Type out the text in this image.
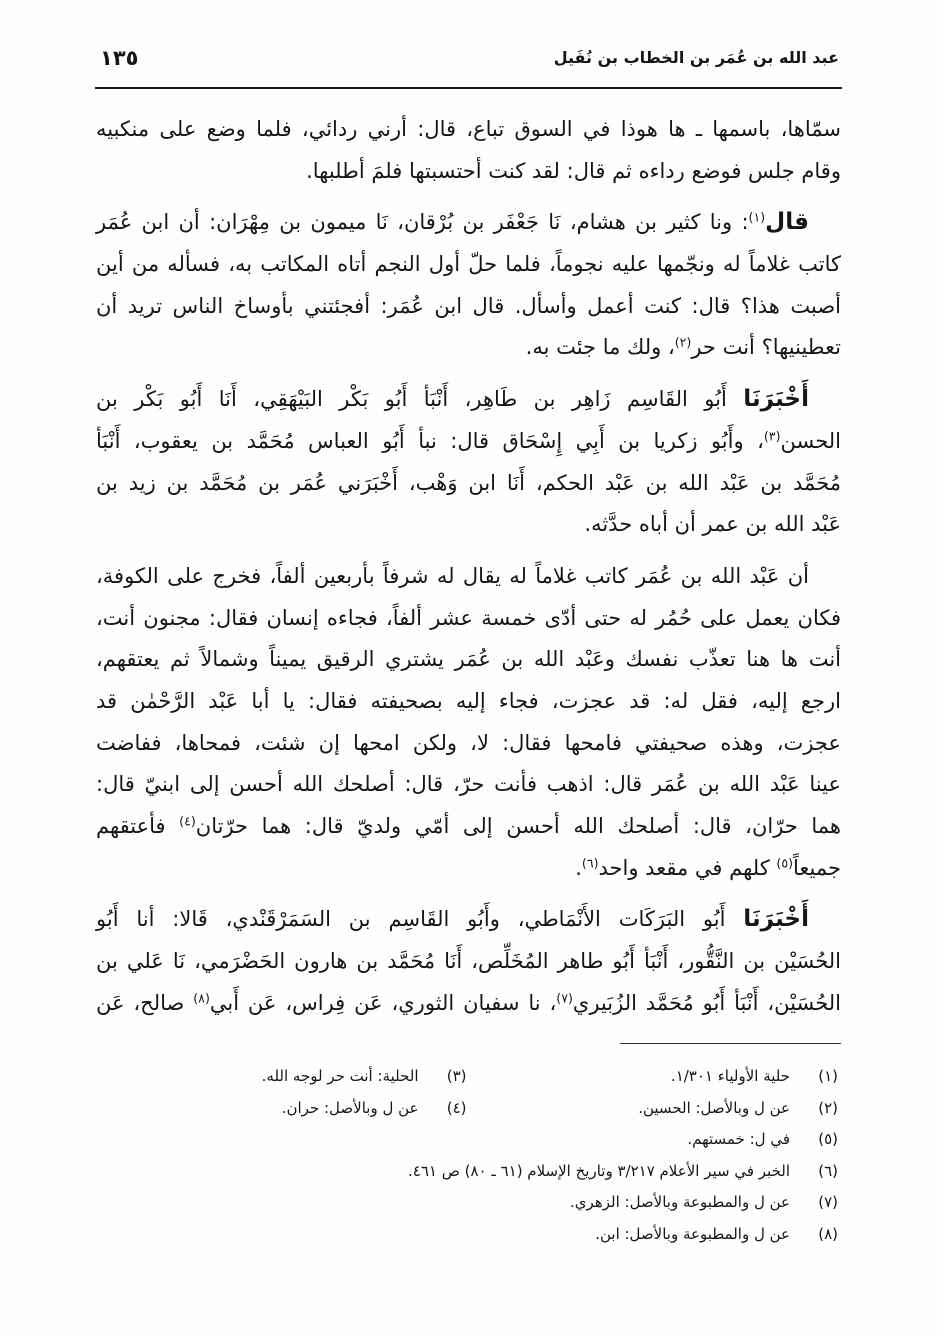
عبد الله بن عُمَر بن الخطاب بن نُفَيل
١٣٥
سمّاها، باسمها ـ ها هوذا في السوق تباع، قال: أرني ردائي، فلما وضع على منكبيه
وقام جلس فوضع رداءه ثم قال: لقد كنت أحتسبتها فلمَ أطلبها.
قال$^{(١)}$: ونا كثير بن هشام، نَا جَعْفَر بن بُرْقان، نَا ميمون بن مِهْرَان: أن ابن عُمَر
كاتب غلاماً له ونجّمها عليه نجوماً، فلما حلّ أول النجم أتاه المكاتب به، فسأله من أين
أصبت هذا؟ قال: كنت أعمل وأسأل. قال ابن عُمَر: أفجئتني بأوساخ الناس تريد أن
تعطينيها؟ أنت حر$^{(٢)}$، ولك ما جئت به.
أَخْبَرَنَا أَبُو القَاسِم زَاهِر بن طَاهِر، أَنْبَأ أَبُو بَكْر البَيْهَقِي، أَنَا أَبُو بَكْر بن
الحسن$^{(٣)}$، وأَبُو زكريا بن أَبِي إِسْحَاق قال: نبأ أَبُو العباس مُحَمَّد بن يعقوب، أَنْبَأ
مُحَمَّد بن عَبْد الله بن عَبْد الحكم، أَنَا ابن وَهْب، أَخْبَرَني عُمَر بن مُحَمَّد بن زيد بن
عَبْد الله بن عمر أن أباه حدَّثه.
أن عَبْد الله بن عُمَر كاتب غلاماً له يقال له شرفاً بأربعين ألفاً، فخرج على الكوفة،
فكان يعمل على حُمُر له حتى أدّى خمسة عشر ألفاً، فجاءه إنسان فقال: مجنون أنت،
أنت ها هنا تعذّب نفسك وعَبْد الله بن عُمَر يشتري الرقيق يميناً وشمالاً ثم يعتقهم،
ارجع إليه، فقل له: قد عجزت، فجاء إليه بصحيفته فقال: يا أبا عَبْد الرَّحْمٰن قد
عجزت، وهذه صحيفتي فامحها فقال: لا، ولكن امحها إن شئت، فمحاها، ففاضت
عينا عَبْد الله بن عُمَر قال: اذهب فأنت حرّ، قال: أصلحك الله أحسن إلى ابنيّ قال:
هما حرّان، قال: أصلحك الله أحسن إلى أمّي ولديّ قال: هما حرّتان$^{(٤)}$ فأعتقهم
جميعاً$^{(٥)}$ كلهم في مقعد واحد$^{(٦)}$.
أَخْبَرَنَا أَبُو البَرَكَات الأَنْمَاطي، وأَبُو القَاسِم بن السَمَرْقَنْدي، قَالا: أنا أَبُو
الحُسَيْن بن النَّقُّور، أَنْبَأ أَبُو طاهر المُخَلِّص، أَنَا مُحَمَّد بن هارون الحَضْرَمي، نَا عَلي بن
الحُسَيْن، أَنْبَأ أَبُو مُحَمَّد الزُبَيري$^{(٧)}$، نا سفيان الثوري، عَن فِراس، عَن أَبي$^{(٨)}$ صالح، عَن
(١)حلية الأولياء ١/٣٠١.
(٣)الحلية: أنت حر لوجه الله.
(٢)عن ل وبالأصل: الحسين.
(٤)عن ل وبالأصل: حران.
(٥)في ل: خمستهم.
(٦)الخبر في سير الأعلام ٣/٢١٧ وتاريخ الإسلام (٦١ ـ ٨٠) ص ٤٦١.
(٧)عن ل والمطبوعة وبالأصل: الزهري.
(٨)عن ل والمطبوعة وبالأصل: ابن.
